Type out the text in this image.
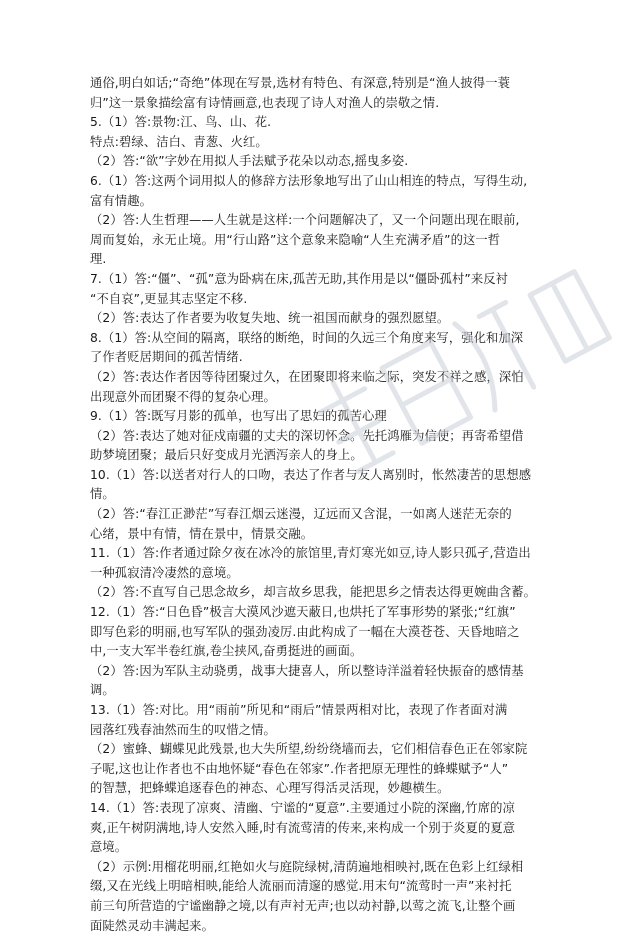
通俗,明白如话;“奇绝”体现在写景,选材有特色、有深意,特别是“渔人披得一蓑
归”这一景象描绘富有诗情画意,也表现了诗人对渔人的崇敬之情.
5.（1）答:景物:江、鸟、山、花.
特点:碧绿、洁白、青葱、火红。
（2）答:“欲”字妙在用拟人手法赋予花朵以动态,摇曳多姿.
6.（1）答:这两个词用拟人的修辞方法形象地写出了山山相连的特点，写得生动,
富有情趣。
（2）答:人生哲理——人生就是这样:一个问题解决了，又一个问题出现在眼前,
周而复始，永无止境。用“行山路”这个意象来隐喻“人生充满矛盾”的这一哲
理.
7.（1）答:“僵”、“孤”意为卧病在床,孤苦无助,其作用是以“僵卧孤村”来反衬
“不自哀”,更显其志坚定不移.
（2）答:表达了作者要为收复失地、统一祖国而献身的强烈愿望。
8.（1）答:从空间的隔离，联络的断绝，时间的久远三个角度来写，强化和加深
了作者贬居期间的孤苦情绪.
（2）答:表达作者因等待团聚过久，在团聚即将来临之际，突发不祥之感，深怕
出现意外而团聚不得的复杂心理。
9.（1）答:既写月影的孤单，也写出了思妇的孤苦心理
（2）答:表达了她对征戍南疆的丈夫的深切怀念。先托鸿雁为信使；再寄希望借
助梦境团聚；最后只好变成月光洒泻亲人的身上。
10.（1）答:以送者对行人的口吻，表达了作者与友人离别时，怅然凄苦的思想感
情。
（2）答:“春江正渺茫”写春江烟云迷漫，辽远而又含混，一如离人迷茫无奈的
心绪，景中有情，情在景中，情景交融。
11.（1）答:作者通过除夕夜在冰冷的旅馆里,青灯寒光如豆,诗人影只孤孑,营造出
一种孤寂清冷凄然的意境。
（2）答:不直写自己思念故乡，却言故乡思我，能把思乡之情表达得更婉曲含蓄。
12.（1）答:“日色昏”极言大漠风沙遮天蔽日,也烘托了军事形势的紧张;“红旗”
即写色彩的明丽,也写军队的强劲凌厉.由此构成了一幅在大漠苍苍、天昏地暗之
中,一支大军半卷红旗,卷尘挟风,奋勇挺进的画面。
（2）答:因为军队主动骁勇，战事大捷喜人，所以整诗洋溢着轻快振奋的感情基
调。
13.（1）答:对比。用“雨前”所见和“雨后”情景两相对比，表现了作者面对满
园落红残春油然而生的叹惜之情。
（2）蜜蜂、蝴蝶见此残景,也大失所望,纷纷绕墙而去，它们相信春色正在邻家院
子呢,这也让作者也不由地怀疑“春色在邻家”.作者把原无理性的蜂蝶赋予“人”
的智慧，把蜂蝶追逐春色的神态、心理写得活灵活现，妙趣横生。
14.（1）答:表现了凉爽、清幽、宁谧的“夏意”.主要通过小院的深幽,竹席的凉
爽,正午树阴满地,诗人安然入睡,时有流莺清的传来,来构成一个别于炎夏的夏意
意境。
（2）示例:用榴花明丽,红艳如火与庭院绿树,清荫遍地相映衬,既在色彩上红绿相
缀,又在光线上明暗相映,能给人流丽而清邃的感觉.用末句“流莺时一声”来衬托
前三句所营造的宁谧幽静之境,以有声衬无声;也以动衬静,以莺之流飞,让整个画
面陡然灵动丰满起来。
